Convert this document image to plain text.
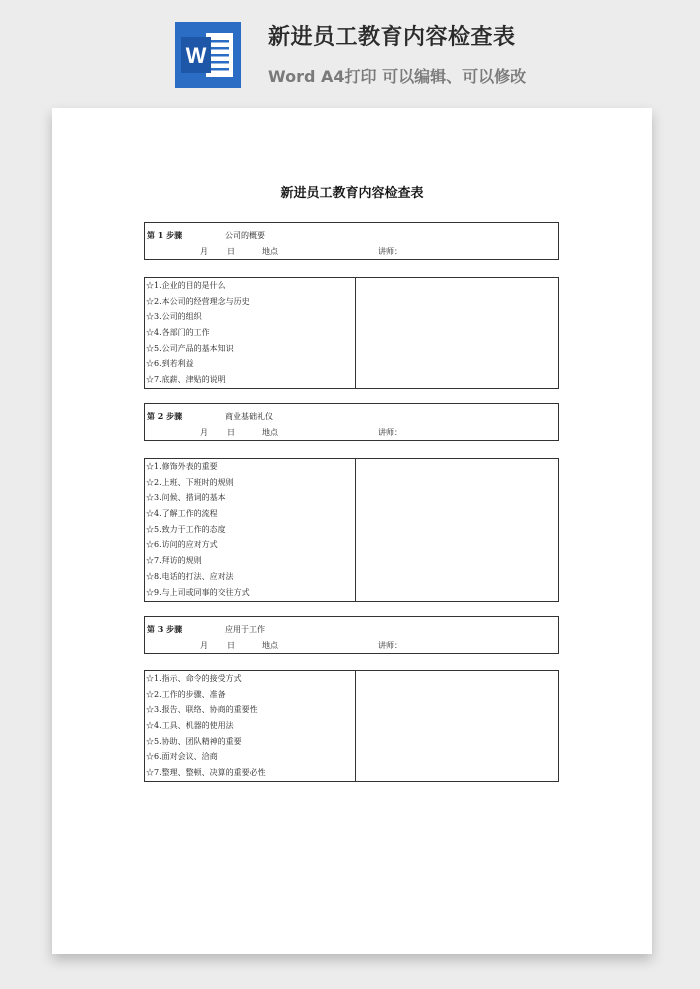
W
新进员工教育内容检查表
Word A4打印 可以编辑、可以修改
新进员工教育内容检查表
第 1 步骤	公司的概要
月 日	地点	讲师：
☆1.企业的目的是什么
☆2.本公司的经营理念与历史
☆3.公司的组织
☆4.各部门的工作
☆5.公司产品的基本知识
☆6.到若利益
☆7.底薪、津贴的说明
第 2 步骤	商业基础礼仪
月 日	地点	讲师：
☆1.修饰外表的重要
☆2.上班、下班时的规则
☆3.问候、措词的基本
☆4.了解工作的流程
☆5.致力于工作的态度
☆6.访问的应对方式
☆7.拜访的规则
☆8.电话的打法、应对法
☆9.与上司或同事的交往方式
第 3 步骤	应用于工作
月 日	地点	讲师：
☆1.指示、命令的接受方式
☆2.工作的步骤、准备
☆3.报告、联络、协商的重要性
☆4.工具、机器的使用法
☆5.协助、团队精神的重要
☆6.面对会议、洽商
☆7.整理、整顿、决算的重要必性
